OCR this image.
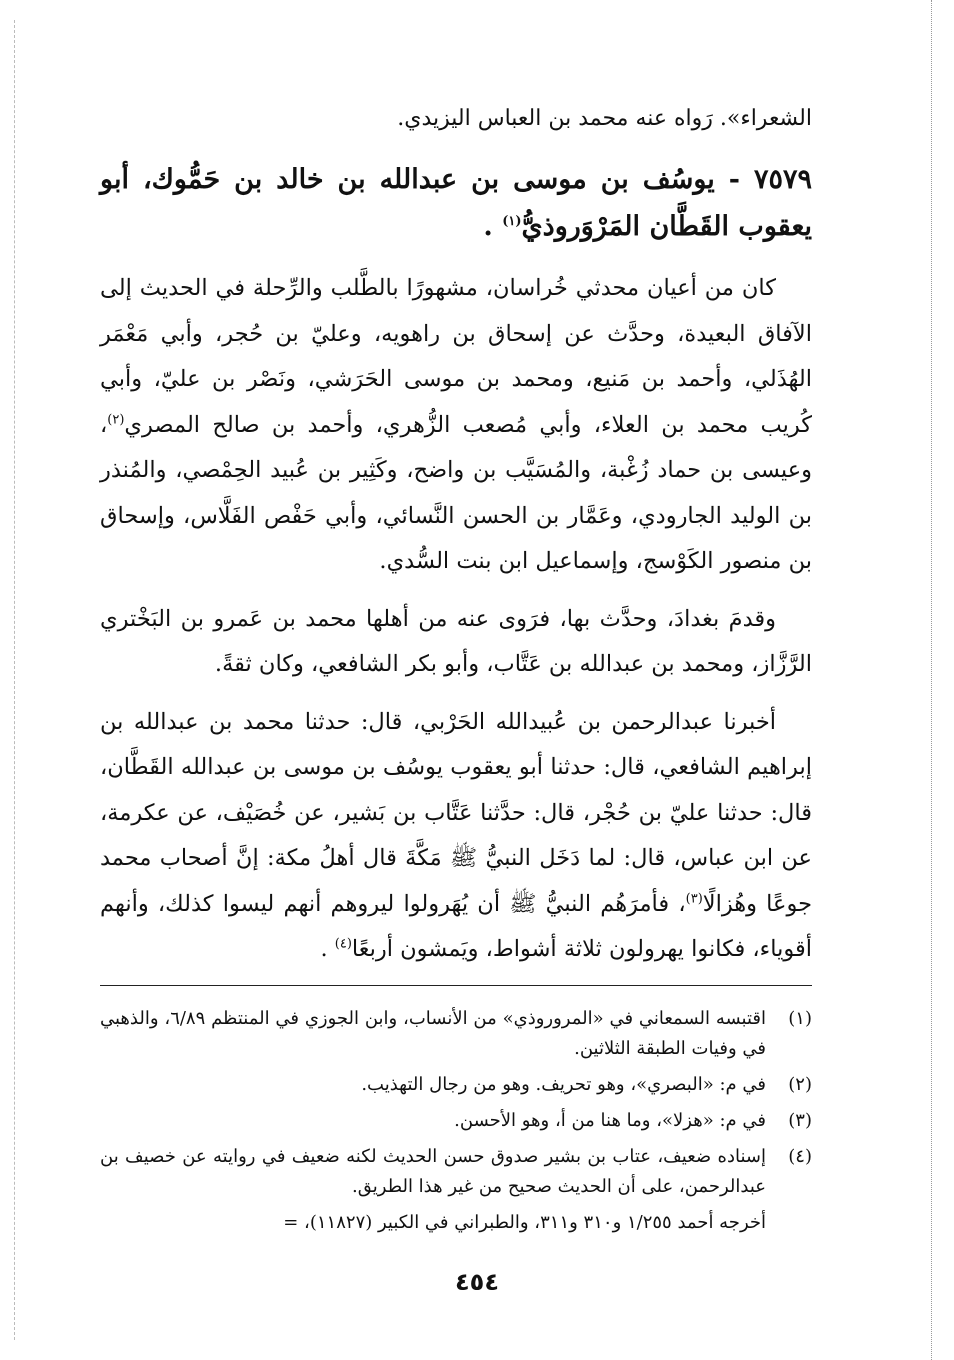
الشعراء». رَواه عنه محمد بن العباس اليزيدي.
٧٥٧٩ - يوسُف بن موسى بن عبدالله بن خالد بن حَمُّوك، أبو يعقوب القَطَّان المَرْوَروذيُّ$^{(١)}$ .
كان من أعيان محدثي خُراسان، مشهورًا بالطَّلب والرِّحلة في الحديث إلى الآفاق البعيدة، وحدَّث عن إسحاق بن راهويه، وعليّ بن حُجر، وأبي مَعْمَر الهُذَلي، وأحمد بن مَنيع، ومحمد بن موسى الحَرَشي، ونَصْر بن عليّ، وأبي كُريب محمد بن العلاء، وأبي مُصعب الزُّهري، وأحمد بن صالح المصري$^{(٢)}$، وعيسى بن حماد زُغْبة، والمُسَيَّب بن واضح، وكَثِير بن عُبيد الحِمْصي، والمُنذر بن الوليد الجارودي، وعَمَّار بن الحسن النَّسائي، وأبي حَفْص الفَلَّاس، وإسحاق بن منصور الكَوْسج، وإسماعيل ابن بنت السُّدي.
وقدمَ بغدادَ، وحدَّث بها، فرَوى عنه من أهلها محمد بن عَمرو بن البَخْتري الرَّزَّاز، ومحمد بن عبدالله بن عَتَّاب، وأبو بكر الشافعي، وكان ثقةً.
أخبرنا عبدالرحمن بن عُبيدالله الحَرْبي، قال: حدثنا محمد بن عبدالله بن إبراهيم الشافعي، قال: حدثنا أبو يعقوب يوسُف بن موسى بن عبدالله القَطَّان، قال: حدثنا عليّ بن حُجْر، قال: حدَّثنا عَتَّاب بن بَشير، عن خُصَيْف، عن عكرمة، عن ابن عباس، قال: لما دَخَل النبيُّ ﷺ مَكَّةَ قال أهلُ مكة: إنَّ أصحاب محمد جوعًا وهُزالًا$^{(٣)}$، فأمرَهُم النبيُّ ﷺ أن يُهَرولوا ليروهم أنهم ليسوا كذلك، وأنهم أقوياء، فكانوا يهرولون ثلاثة أشواط، ويَمشون أربعًا$^{(٤)}$ .
(١)
اقتبسه السمعاني في «المروروذي» من الأنساب، وابن الجوزي في المنتظم ٦/٨٩، والذهبي في وفيات الطبقة الثلاثين.
(٢)
في م: «البصري»، وهو تحريف. وهو من رجال التهذيب.
(٣)
في م: «هزلا»، وما هنا من أ، وهو الأحسن.
(٤)
إسناده ضعيف، عتاب بن بشير صدوق حسن الحديث لكنه ضعيف في روايته عن خصيف بن عبدالرحمن، على أن الحديث صحيح من غير هذا الطريق.
أخرجه أحمد ١/٢٥٥ و٣١٠ و٣١١، والطبراني في الكبير (١١٨٢٧)، =
٤٥٤
